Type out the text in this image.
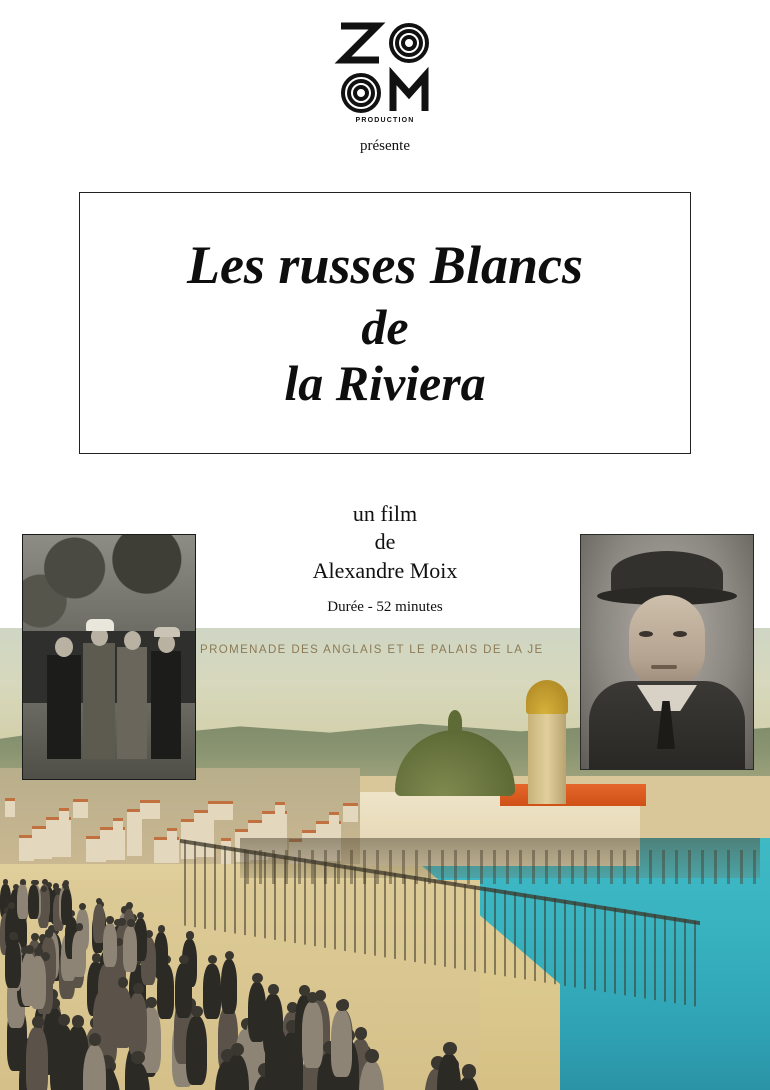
PRODUCTION
présente
Les russes Blancs
de
la Riviera
un film
de
Alexandre Moix
Durée - 52 minutes
PROMENADE DES ANGLAIS ET LE PALAIS DE LA JE
